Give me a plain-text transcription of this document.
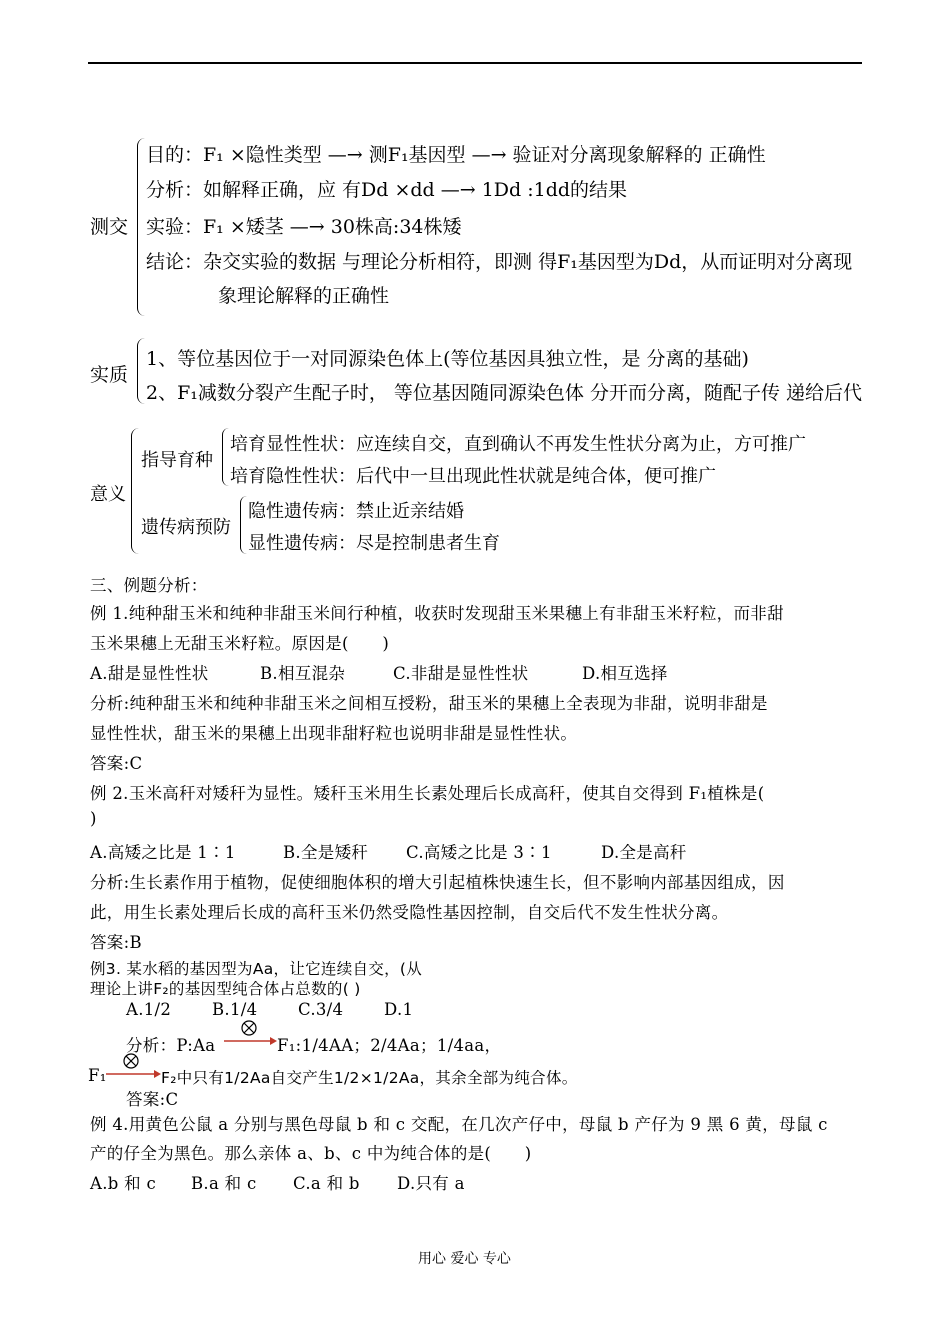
测交
目的：F₁ ×隐性类型 —→ 测F₁基因型 —→ 验证对分离现象解释的 正确性
分析：如解释正确，应 有Dd ×dd —→ 1Dd :1dd的结果
实验：F₁ ×矮茎 —→ 30株高:34株矮
结论：杂交实验的数据 与理论分析相符，即测 得F₁基因型为Dd，从而证明对分离现
象理论解释的正确性
实质
1、等位基因位于一对同源染色体上(等位基因具独立性，是 分离的基础)
2、F₁减数分裂产生配子时， 等位基因随同源染色体 分开而分离，随配子传 递给后代
意义
指导育种
培育显性性状：应连续自交，直到确认不再发生性状分离为止，方可推广
培育隐性性状：后代中一旦出现此性状就是纯合体，便可推广
遗传病预防
隐性遗传病：禁止近亲结婚
显性遗传病：尽是控制患者生育
三、例题分析：
例 1.纯种甜玉米和纯种非甜玉米间行种植，收获时发现甜玉米果穗上有非甜玉米籽粒，而非甜
玉米果穗上无甜玉米籽粒。原因是(　　)
A.甜是显性性状	B.相互混杂	C.非甜是显性性状	D.相互选择
分析:纯种甜玉米和纯种非甜玉米之间相互授粉，甜玉米的果穗上全表现为非甜，说明非甜是
显性性状，甜玉米的果穗上出现非甜籽粒也说明非甜是显性性状。
答案:C
例 2.玉米高秆对矮秆为显性。矮秆玉米用生长素处理后长成高秆，使其自交得到 F₁植株是(
)
A.高矮之比是 1∶1	B.全是矮秆 C.高矮之比是 3∶1	D.全是高秆
分析:生长素作用于植物，促使细胞体积的增大引起植株快速生长，但不影响内部基因组成，因
此，用生长素处理后长成的高秆玉米仍然受隐性基因控制，自交后代不发生性状分离。
答案:B
例3. 某水稻的基因型为Aa，让它连续自交，(从
理论上讲F₂的基因型纯合体占总数的( )
A.1/2 B.1/4 C.3/4 D.1
分析：P:Aa	F₁:1/4AA；2/4Aa；1/4aa，
F₁	F₂中只有1/2Aa自交产生1/2×1/2Aa，其余全部为纯合体。
答案:C
例 4.用黄色公鼠 a 分别与黑色母鼠 b 和 c 交配，在几次产仔中，母鼠 b 产仔为 9 黑 6 黄，母鼠 c
产的仔全为黑色。那么亲体 a、b、c 中为纯合体的是(　　)
A.b 和 c B.a 和 c C.a 和 b D.只有 a
用心 爱心 专心
